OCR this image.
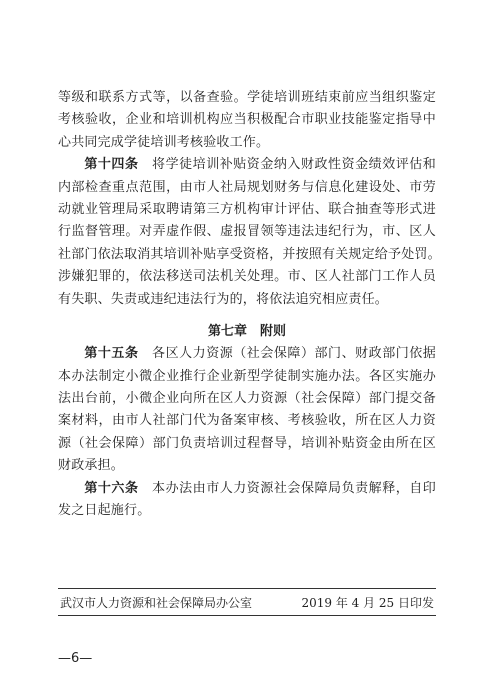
等级和联系方式等，以备查验。学徒培训班结束前应当组织鉴定
考核验收，企业和培训机构应当积极配合市职业技能鉴定指导中
心共同完成学徒培训考核验收工作。
第十四条　 将学徒培训补贴资金纳入财政性资金绩效评估和
内部检查重点范围，由市人社局规划财务与信息化建设处、市劳
动就业管理局采取聘请第三方机构审计评估、联合抽查等形式进
行监督管理。对弄虚作假、虚报冒领等违法违纪行为，市、区人
社部门依法取消其培训补贴享受资格，并按照有关规定给予处罚。
涉嫌犯罪的，依法移送司法机关处理。市、区人社部门工作人员
有失职、失责或违纪违法行为的，将依法追究相应责任。
第七章　附则
第十五条　 各区人力资源（社会保障）部门、财政部门依据
本办法制定小微企业推行企业新型学徒制实施办法。各区实施办
法出台前，小微企业向所在区人力资源（社会保障）部门提交备
案材料，由市人社部门代为备案审核、考核验收，所在区人力资
源（社会保障）部门负责培训过程督导，培训补贴资金由所在区
财政承担。
第十六条　 本办法由市人力资源社会保障局负责解释，自印
发之日起施行。
武汉市人力资源和社会保障局办公室	2019 年 4 月 25 日印发
—6—
